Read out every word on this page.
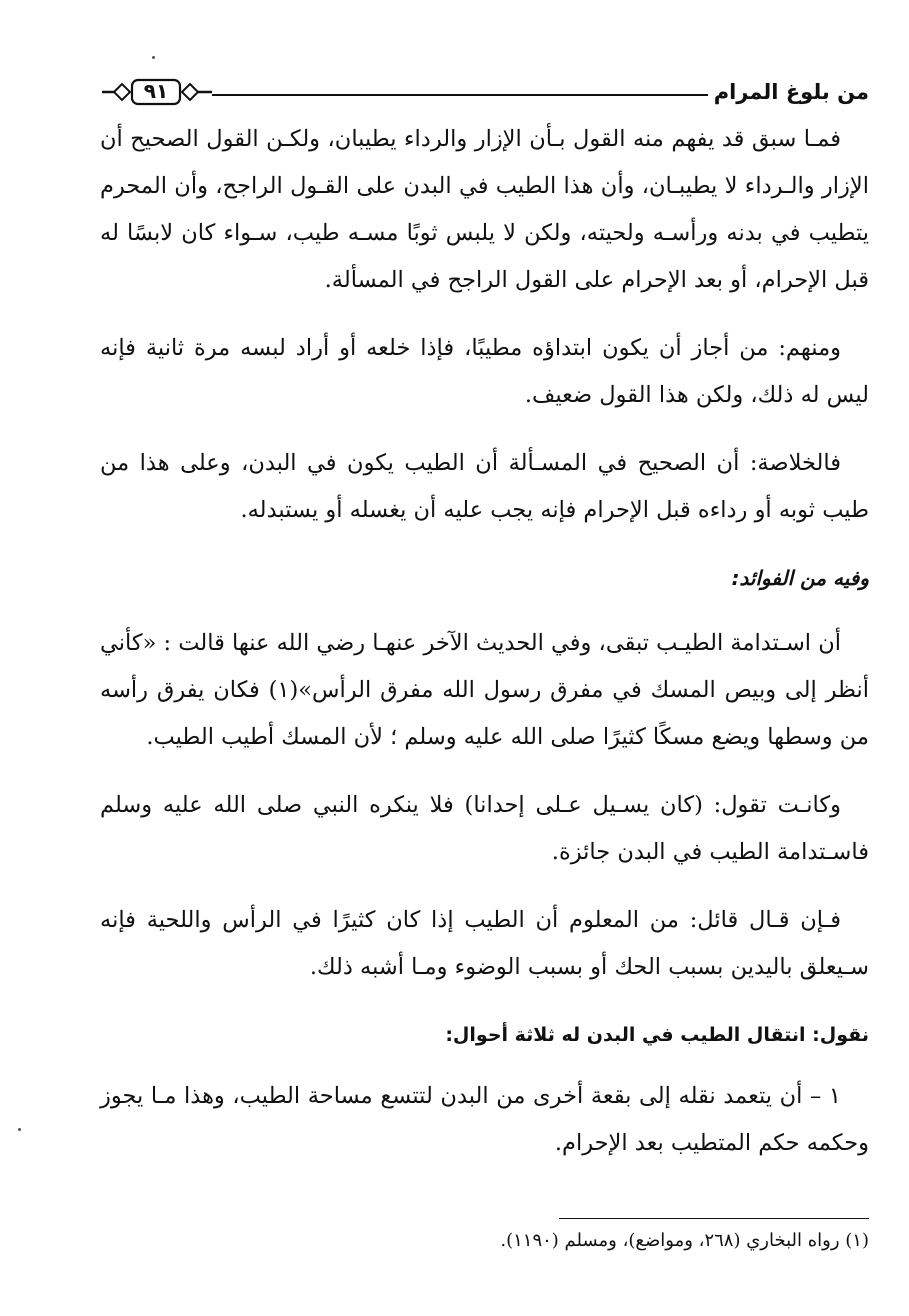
من بلوغ المرام
٩١

فمـا سبق قد يفهم منه القول بـأن الإزار والرداء يطيبان، ولكـن القول الصحيح أن الإزار والـرداء لا يطيبـان، وأن هذا الطيب في البدن على القـول الراجح، وأن المحرم يتطيب في بدنه ورأسـه ولحيته، ولكن لا يلبس ثوبًا مسـه طيب، سـواء كان لابسًا له قبل الإحرام، أو بعد الإحرام على القول الراجح في المسألة.

ومنهم: من أجاز أن يكون ابتداؤه مطيبًا، فإذا خلعه أو أراد لبسه مرة ثانية فإنه ليس له ذلك، ولكن هذا القول ضعيف.

فالخلاصة: أن الصحيح في المسـألة أن الطيب يكون في البدن، وعلى هذا من طيب ثوبه أو رداءه قبل الإحرام فإنه يجب عليه أن يغسله أو يستبدله.

وفيه من الفوائد:

أن اسـتدامة الطيـب تبقى، وفي الحديث الآخر عنهـا رضي الله عنها قالت : «كأني أنظر إلى وبيص المسك في مفرق رسول الله مفرق الرأس»(١) فكان يفرق رأسه من وسطها ويضع مسكًا كثيرًا صلى الله عليه وسلم ؛ لأن المسك أطيب الطيب.

وكانـت تقول: (كان يسـيل عـلى إحدانا) فلا ينكره النبي صلى الله عليه وسلم فاسـتدامة الطيب في البدن جائزة.

فـإن قـال قائل: من المعلوم أن الطيب إذا كان كثيرًا في الرأس واللحية فإنه سـيعلق باليدين بسبب الحك أو بسبب الوضوء ومـا أشبه ذلك.

نقول: انتقال الطيب في البدن له ثلاثة أحوال:

١ – أن يتعمد نقله إلى بقعة أخرى من البدن لتتسع مساحة الطيب، وهذا مـا يجوز وحكمه حكم المتطيب بعد الإحرام.

(١) رواه البخاري (٢٦٨، ومواضع)، ومسلم (١١٩٠).
